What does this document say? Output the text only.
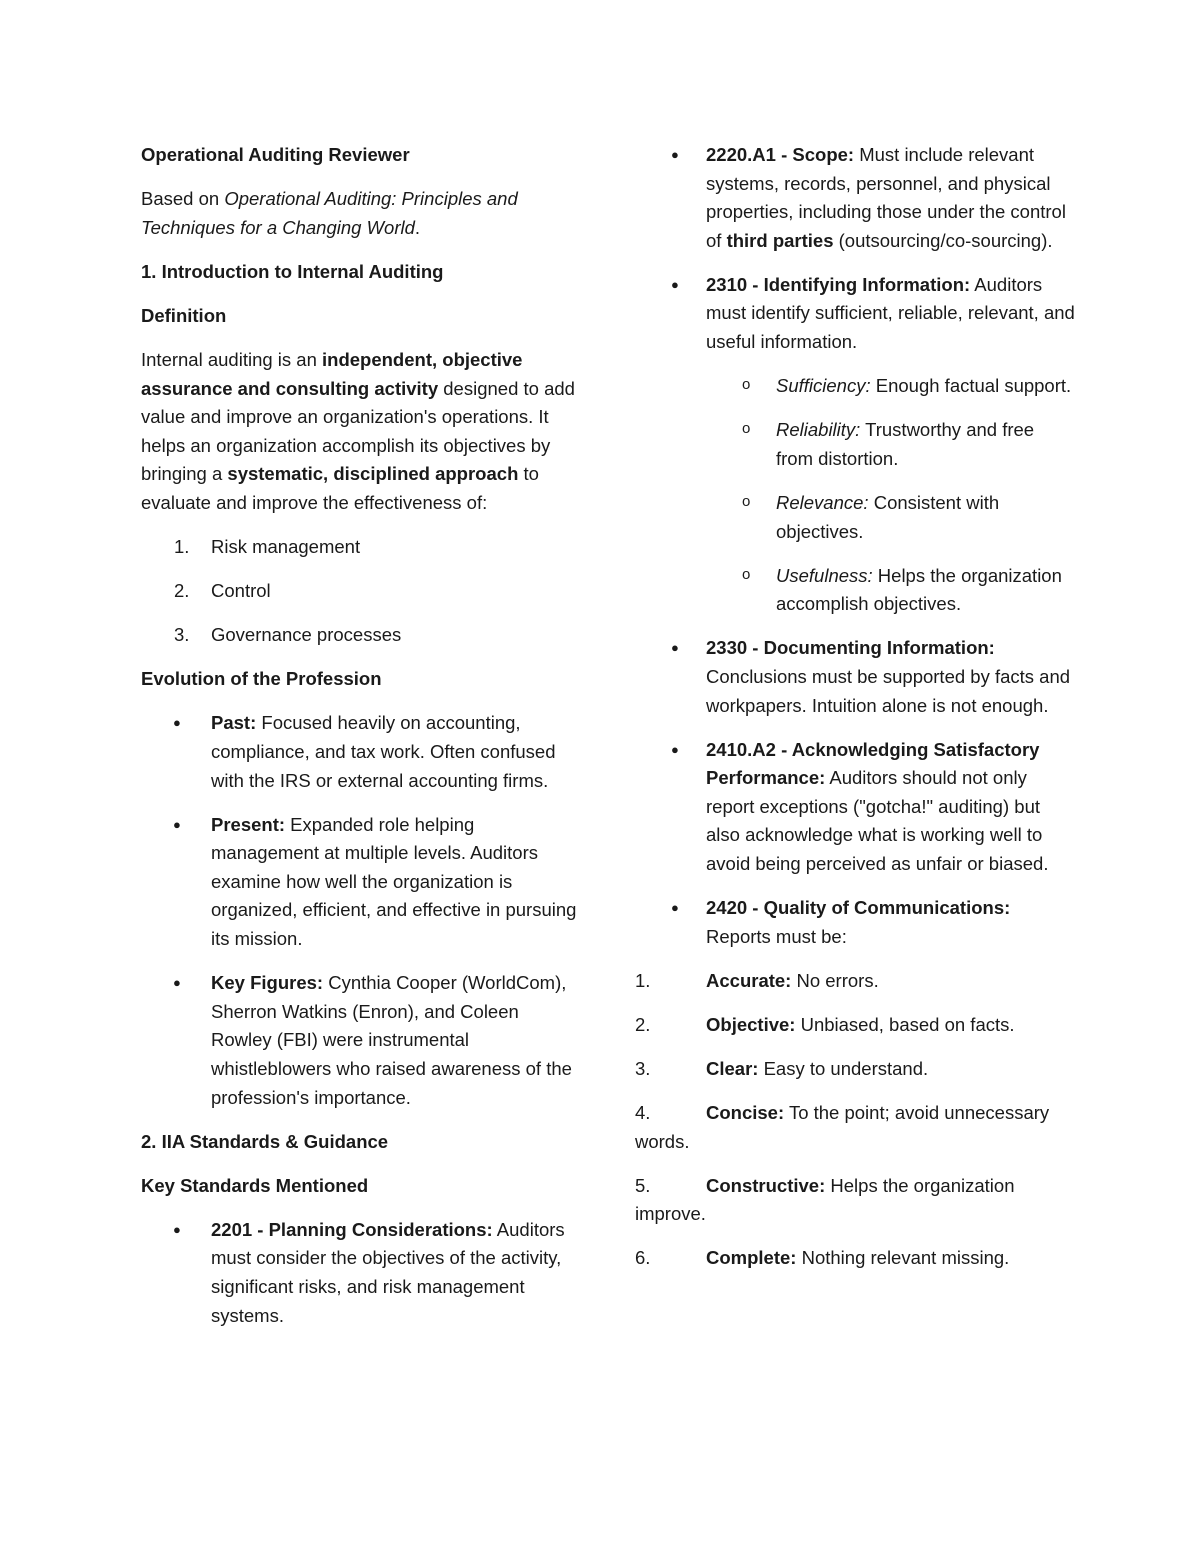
Operational Auditing Reviewer

Based on Operational Auditing: Principles and Techniques for a Changing World.

1. Introduction to Internal Auditing

Definition

Internal auditing is an independent, objective assurance and consulting activity designed to add value and improve an organization's operations. It helps an organization accomplish its objectives by bringing a systematic, disciplined approach to evaluate and improve the effectiveness of:

1.	Risk management
2.	Control
3.	Governance processes

Evolution of the Profession

●	Past: Focused heavily on accounting, compliance, and tax work. Often confused with the IRS or external accounting firms.
●	Present: Expanded role helping management at multiple levels. Auditors examine how well the organization is organized, efficient, and effective in pursuing its mission.
●	Key Figures: Cynthia Cooper (WorldCom), Sherron Watkins (Enron), and Coleen Rowley (FBI) were instrumental whistleblowers who raised awareness of the profession's importance.

2. IIA Standards & Guidance

Key Standards Mentioned

●	2201 - Planning Considerations: Auditors must consider the objectives of the activity, significant risks, and risk management systems.
●	2220.A1 - Scope: Must include relevant systems, records, personnel, and physical properties, including those under the control of third parties (outsourcing/co-sourcing).
●	2310 - Identifying Information: Auditors must identify sufficient, reliable, relevant, and useful information.
o	Sufficiency: Enough factual support.
o	Reliability: Trustworthy and free from distortion.
o	Relevance: Consistent with objectives.
o	Usefulness: Helps the organization accomplish objectives.
●	2330 - Documenting Information: Conclusions must be supported by facts and workpapers. Intuition alone is not enough.
●	2410.A2 - Acknowledging Satisfactory Performance: Auditors should not only report exceptions ("gotcha!" auditing) but also acknowledge what is working well to avoid being perceived as unfair or biased.
●	2420 - Quality of Communications: Reports must be:

1.	Accurate: No errors.

2.	Objective: Unbiased, based on facts.

3.	Clear: Easy to understand.

4.	Concise: To the point; avoid unnecessary words.

5.	Constructive: Helps the organization improve.

6.	Complete: Nothing relevant missing.
